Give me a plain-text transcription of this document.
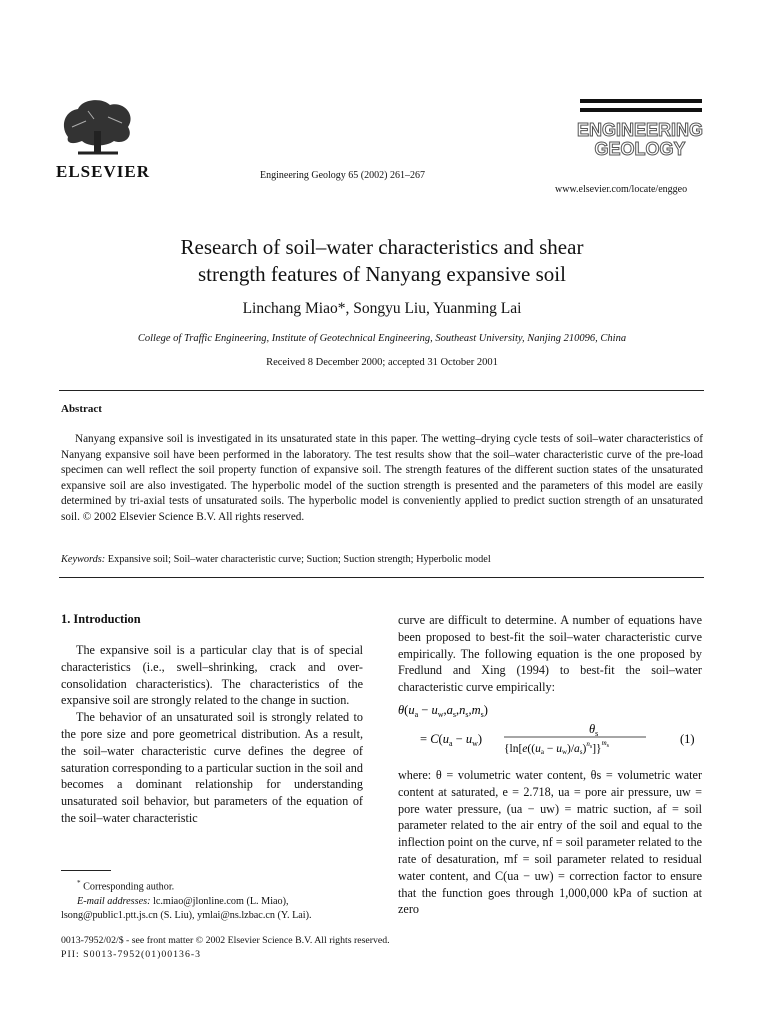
ELSEVIER	Engineering Geology 65 (2002) 261–267
ENGINEERING
GEOLOGY
www.elsevier.com/locate/enggeo
Research of soil–water characteristics and shear
strength features of Nanyang expansive soil
Linchang Miao*, Songyu Liu, Yuanming Lai
College of Traffic Engineering, Institute of Geotechnical Engineering, Southeast University, Nanjing 210096, China
Received 8 December 2000; accepted 31 October 2001
Abstract
Nanyang expansive soil is investigated in its unsaturated state in this paper. The wetting–drying cycle tests of soil–water characteristics of Nanyang expansive soil have been performed in the laboratory. The test results show that the soil–water characteristic curve of the pre-load specimen can well reflect the soil property function of expansive soil. The strength features of the different suction states of the unsaturated expansive soil are also investigated. The hyperbolic model of the suction strength is presented and the parameters of this model are easily determined by tri-axial tests of unsaturated soils. The hyperbolic model is conveniently applied to predict suction strength of an unsaturated soil. © 2002 Elsevier Science B.V. All rights reserved.
Keywords: Expansive soil; Soil–water characteristic curve; Suction; Suction strength; Hyperbolic model
1. Introduction

The expansive soil is a particular clay that is of special characteristics (i.e., swell–shrinking, crack and over-consolidation characteristics). The characteristics of the expansive soil are strongly related to the change in suction.

The behavior of an unsaturated soil is strongly related to the pore size and pore geometrical distribution. As a result, the soil–water characteristic curve defines the degree of saturation corresponding to a particular suction in the soil and becomes a dominant relationship for understanding unsaturated soil behavior, but parameters of the equation of the soil–water characteristic

curve are difficult to determine. A number of equations have been proposed to best-fit the soil–water characteristic curve empirically. The following equation is the one proposed by Fredlund and Xing (1994) to best-fit the soil–water characteristic curve empirically:

$\theta(u_a - u_w,a_s,n_s,m_s)$
= $C(u_a - u_w)$
$\theta_s$
$\{\ln[e((ua - uw)/as)^ns]\}^ms$	(1)

where: θ = volumetric water content, θs = volumetric water content at saturated, e = 2.718, ua = pore air pressure, uw = pore water pressure, (ua − uw) = matric suction, af = soil parameter related to the air entry of the soil and equal to the inflection point on the curve, nf = soil parameter related to the rate of desaturation, mf = soil parameter related to residual water content, and C(ua − uw) = correction factor to ensure that the function goes through 1,000,000 kPa of suction at zero

* Corresponding author.
E-mail addresses: lc.miao@jlonline.com (L. Miao),
lsong@public1.ptt.js.cn (S. Liu), ymlai@ns.lzbac.cn (Y. Lai).
0013-7952/02/$ - see front matter © 2002 Elsevier Science B.V. All rights reserved.
PII: S0013-7952(01)00136-3
